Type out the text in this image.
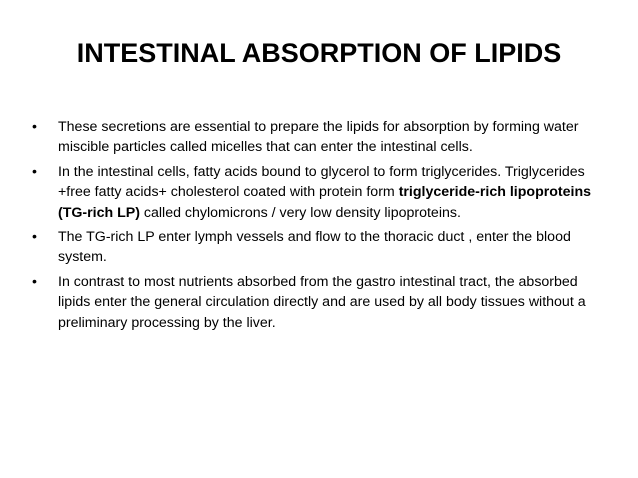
INTESTINAL ABSORPTION OF LIPIDS
• These secretions are essential to prepare the lipids for absorption by forming water miscible particles called micelles that can enter the intestinal cells.
• In the intestinal cells, fatty acids bound to glycerol to form triglycerides. Triglycerides +free fatty acids+ cholesterol coated with protein form triglyceride-rich lipoproteins (TG-rich LP) called chylomicrons / very low density lipoproteins.
• The TG-rich LP enter lymph vessels and flow to the thoracic duct , enter the blood system.
• In contrast to most nutrients absorbed from the gastro intestinal tract, the absorbed lipids enter the general circulation directly and are used by all body tissues without a preliminary processing by the liver.
